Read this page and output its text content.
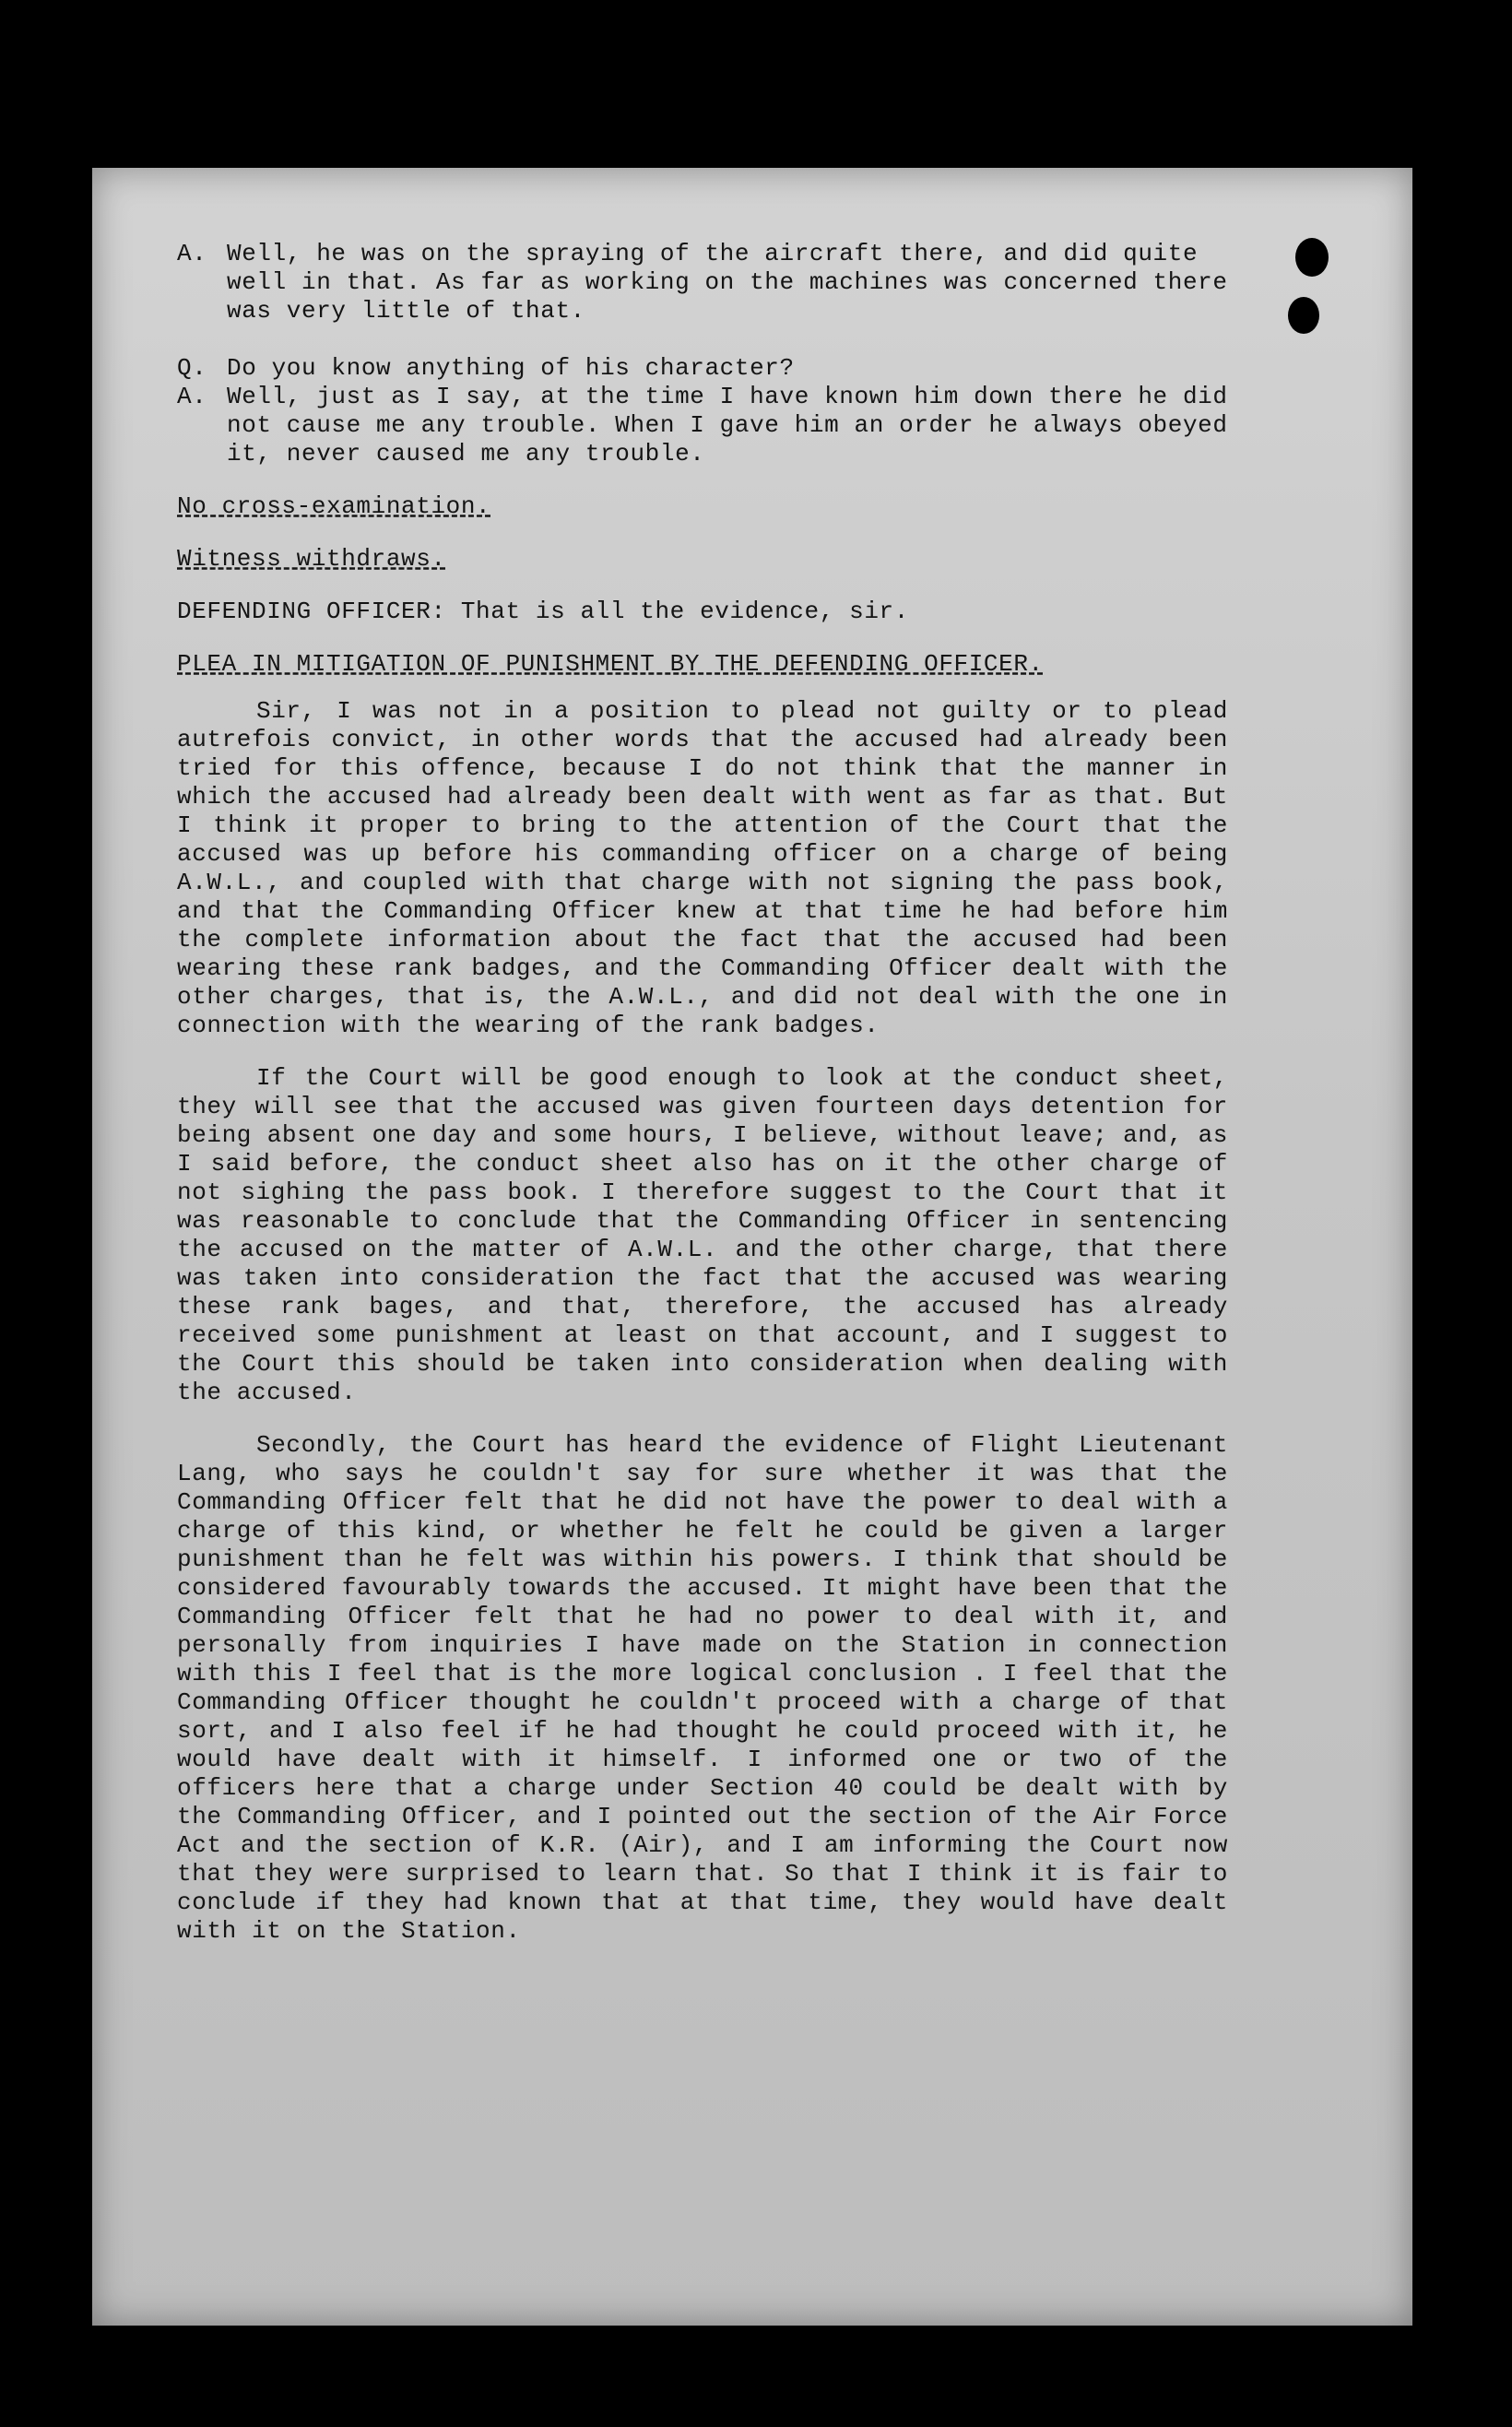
A. Well, he was on the spraying of the aircraft there, and did quite well in that. As far as working on the machines was concerned there was very little of that.
Q. Do you know anything of his character?
A. Well, just as I say, at the time I have known him down there he did not cause me any trouble. When I gave him an order he always obeyed it, never caused me any trouble.

No cross-examination.

Witness withdraws.

DEFENDING OFFICER: That is all the evidence, sir.

PLEA IN MITIGATION OF PUNISHMENT BY THE DEFENDING OFFICER.

Sir, I was not in a position to plead not guilty or to plead autrefois convict, in other words that the accused had already been tried for this offence, because I do not think that the manner in which the accused had already been dealt with went as far as that. But I think it proper to bring to the attention of the Court that the accused was up before his commanding officer on a charge of being A.W.L., and coupled with that charge with not signing the pass book, and that the Commanding Officer knew at that time he had before him the complete information about the fact that the accused had been wearing these rank badges, and the Commanding Officer dealt with the other charges, that is, the A.W.L., and did not deal with the one in connection with the wearing of the rank badges.

If the Court will be good enough to look at the conduct sheet, they will see that the accused was given fourteen days detention for being absent one day and some hours, I believe, without leave; and, as I said before, the conduct sheet also has on it the other charge of not sighing the pass book. I therefore suggest to the Court that it was reasonable to conclude that the Commanding Officer in sentencing the accused on the matter of A.W.L. and the other charge, that there was taken into consideration the fact that the accused was wearing these rank bages, and that, therefore, the accused has already received some punishment at least on that account, and I suggest to the Court this should be taken into consideration when dealing with the accused.

Secondly, the Court has heard the evidence of Flight Lieutenant Lang, who says he couldn't say for sure whether it was that the Commanding Officer felt that he did not have the power to deal with a charge of this kind, or whether he felt he could be given a larger punishment than he felt was within his powers. I think that should be considered favourably towards the accused. It might have been that the Commanding Officer felt that he had no power to deal with it, and personally from inquiries I have made on the Station in connection with this I feel that is the more logical conclusion . I feel that the Commanding Officer thought he couldn't proceed with a charge of that sort, and I also feel if he had thought he could proceed with it, he would have dealt with it himself. I informed one or two of the officers here that a charge under Section 40 could be dealt with by the Commanding Officer, and I pointed out the section of the Air Force Act and the section of K.R. (Air), and I am informing the Court now that they were surprised to learn that. So that I think it is fair to conclude if they had known that at that time, they would have dealt with it on the Station.
